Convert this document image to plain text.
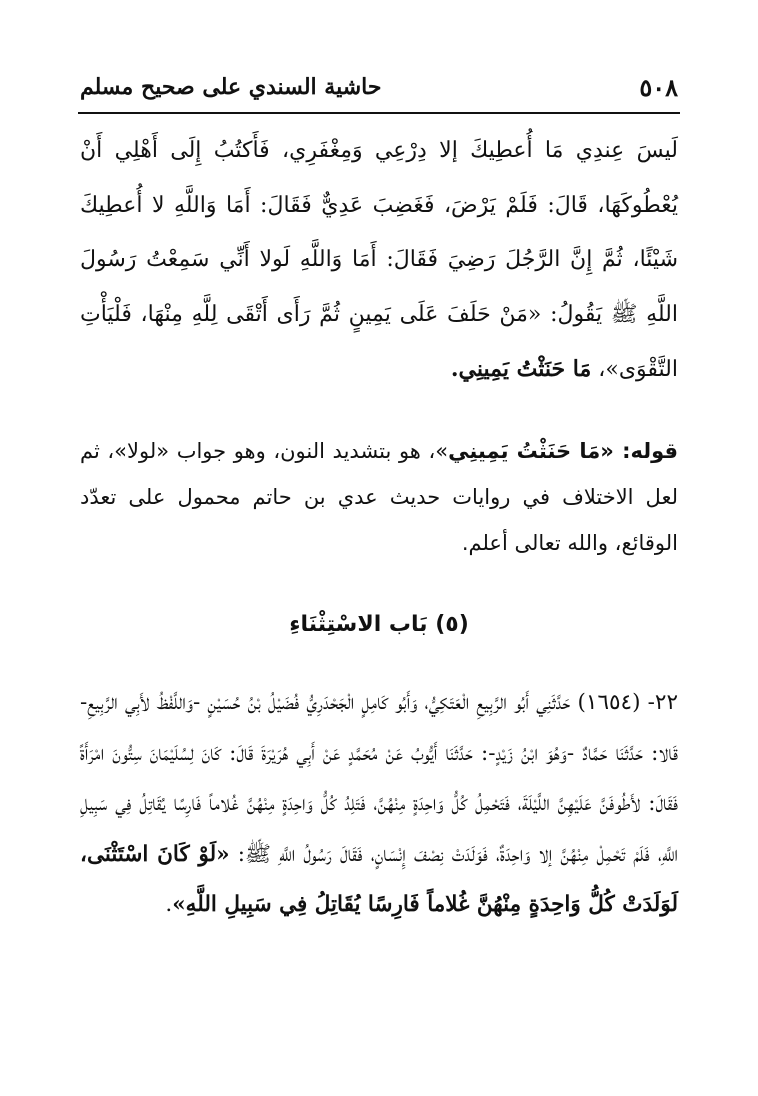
٥٠٨
حاشية السندي على صحيح مسلم
لَيسَ عِندِي مَا أُعطِيكَ إلا دِرْعِي وَمِغْفَرِي، فَأَكتُبُ إِلَى أَهْلِي أَنْ يُعْطُوكَهَا، قَالَ: فَلَمْ يَرْضَ، فَغَضِبَ عَدِيٌّ فَقَالَ: أَمَا وَاللَّهِ لا أُعطِيكَ شَيْئًا، ثُمَّ إِنَّ الرَّجُلَ رَضِيَ فَقَالَ: أَمَا وَاللَّهِ لَولا أَنِّي سَمِعْتُ رَسُولَ اللَّهِ ﷺ يَقُولُ: «مَنْ حَلَفَ عَلَى يَمِينٍ ثُمَّ رَأَى أَتْقَى لِلَّهِ مِنْهَا، فَلْيَأْتِ التَّقْوَى»، مَا حَنَثْتُ يَمِينِي.
قوله: «مَا حَنَثْتُ يَمِينِي»، هو بتشديد النون، وهو جواب «لولا»، ثم لعل الاختلاف في روايات حديث عدي بن حاتم محمول على تعدّد الوقائع، والله تعالى أعلم.
(٥) بَاب الاسْتِثْنَاءِ
٢٢- (١٦٥٤) حَدَّثَنِي أَبُو الرَّبِيعِ الْعَتَكِيُّ، وَأَبُو كَامِلٍ الْجَحْدَرِيُّ فُضَيْلُ بْنُ حُسَيْنٍ -وَاللَّفْظُ لأَبِي الرَّبِيعِ- قَالا: حَدَّثَنَا حَمَّادٌ -وَهُوَ ابْنُ زَيْدٍ-: حَدَّثَنَا أَيُّوبُ عَنْ مُحَمَّدٍ عَنْ أَبِي هُرَيْرَةَ قَالَ: كَانَ لِسُلَيْمَانَ سِتُّونَ امْرَأَةً فَقَالَ: لأَطُوفَنَّ عَلَيْهِنَّ اللَّيْلَةَ، فَتَحْمِلُ كُلُّ وَاحِدَةٍ مِنْهُنَّ، فَتَلِدُ كُلُّ وَاحِدَةٍ مِنْهُنَّ غُلاماً فَارِسًا يُقَاتِلُ فِي سَبِيلِ اللَّهِ، فَلَمْ تَحْمِلْ مِنْهُنَّ إلا وَاحِدَةٌ، فَوَلَدَتْ نِصْفَ إِنْسَانٍ، فَقَالَ رَسُولُ اللَّهِ ﷺ: «لَوْ كَانَ اسْتَثْنَى، لَوَلَدَتْ كُلُّ وَاحِدَةٍ مِنْهُنَّ غُلاماً فَارِسًا يُقَاتِلُ فِي سَبِيلِ اللَّهِ».
